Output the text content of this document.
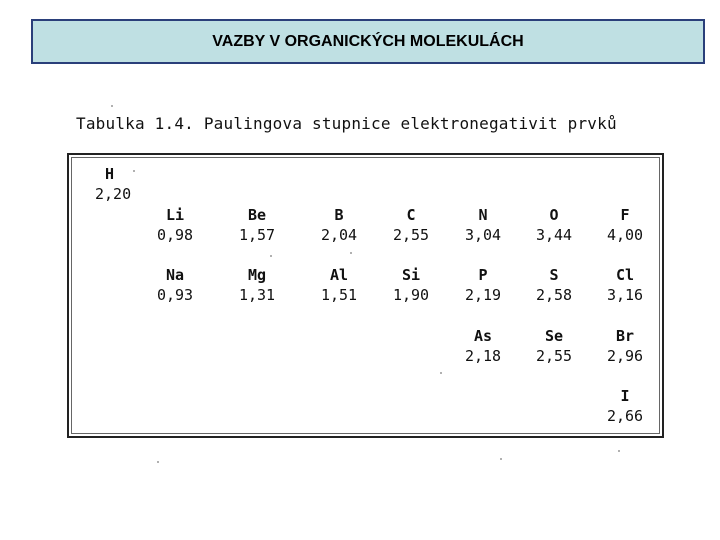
VAZBY V ORGANICKÝCH MOLEKULÁCH
Tabulka 1.4. Paulingova stupnice elektronegativit prvků
H
2,20
Li
0,98
Be
1,57
B
2,04
C
2,55
N
3,04
O
3,44
F
4,00
Na
0,93
Mg
1,31
Al
1,51
Si
1,90
P
2,19
S
2,58
Cl
3,16
As
2,18
Se
2,55
Br
2,96
I
2,66
